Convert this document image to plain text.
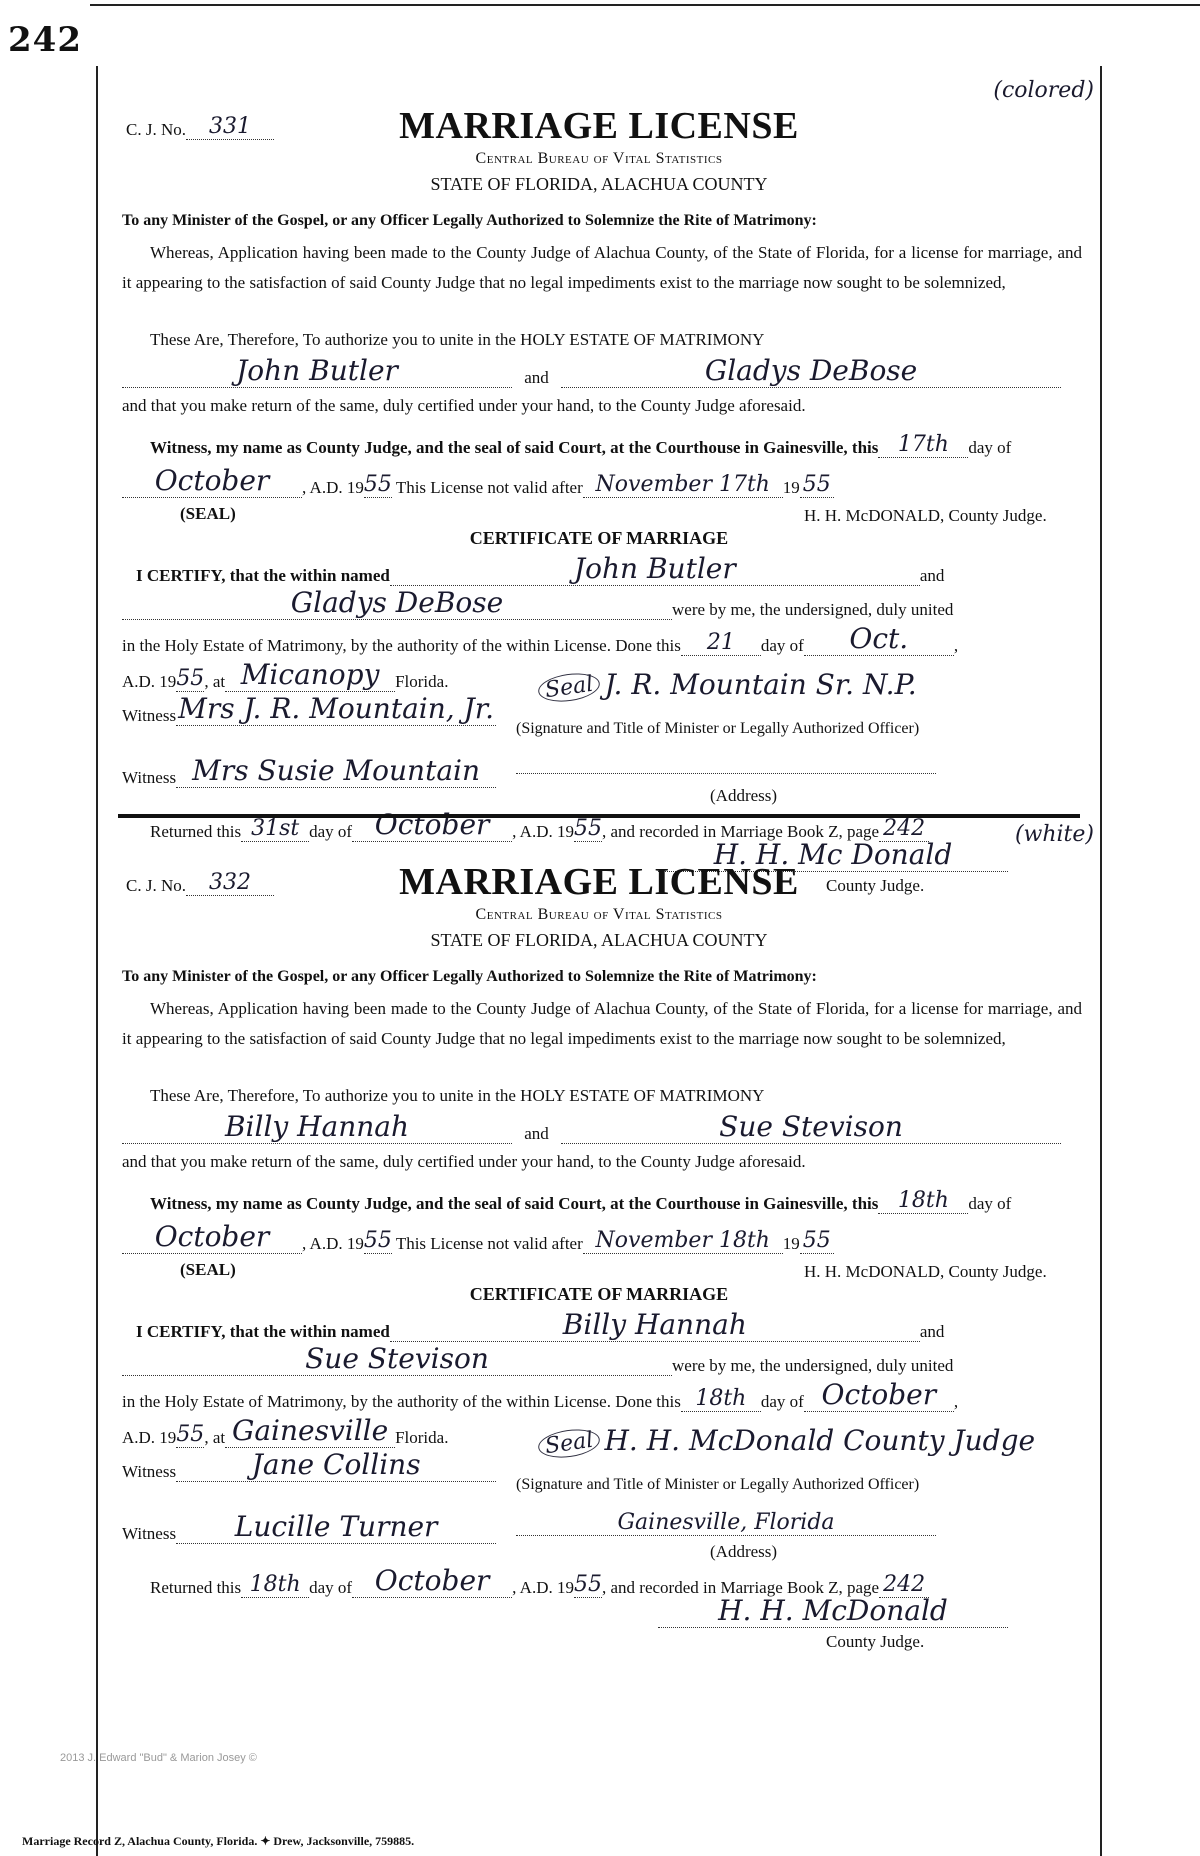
242
C. J. No. 331
(colored)
MARRIAGE LICENSE
Central Bureau of Vital Statistics
STATE OF FLORIDA, ALACHUA COUNTY
To any Minister of the Gospel, or any Officer Legally Authorized to Solemnize the Rite of Matrimony:
Whereas, Application having been made to the County Judge of Alachua County, of the State of Florida, for a license for marriage, and it appearing to the satisfaction of said County Judge that no legal impediments exist to the marriage now sought to be solemnized,
These Are, Therefore, To authorize you to unite in the HOLY ESTATE OF MATRIMONY
John Butler	and	Gladys DeBose
and that you make return of the same, duly certified under your hand, to the County Judge aforesaid.
Witness, my name as County Judge, and the seal of said Court, at the Courthouse in Gainesville, this 17th day of
October , A.D. 1955 This License not valid after November 17th 19 55
(SEAL)	H. H. McDONALD, County Judge.
CERTIFICATE OF MARRIAGE
I CERTIFY, that the within named	John Butler	and
Gladys DeBose	were by me, the undersigned, duly united
in the Holy Estate of Matrimony, by the authority of the within License. Done this 21 day of Oct.	,
A.D. 1955, at Micanopy Florida.
WitnessMrs J. R. Mountain, Jr.
Seal J. R. Mountain Sr. N.P.
(Signature and Title of Minister or Legally Authorized Officer)
Witness Mrs Susie Mountain
(Address)
Returned this 31st day of October , A.D. 1955, and recorded in Marriage Book Z, page 242
H. H. Mc Donald
County Judge.
C. J. No. 332
(white)
MARRIAGE LICENSE
Central Bureau of Vital Statistics
STATE OF FLORIDA, ALACHUA COUNTY
To any Minister of the Gospel, or any Officer Legally Authorized to Solemnize the Rite of Matrimony:
Whereas, Application having been made to the County Judge of Alachua County, of the State of Florida, for a license for marriage, and it appearing to the satisfaction of said County Judge that no legal impediments exist to the marriage now sought to be solemnized,
These Are, Therefore, To authorize you to unite in the HOLY ESTATE OF MATRIMONY
Billy Hannah	and	Sue Stevison
and that you make return of the same, duly certified under your hand, to the County Judge aforesaid.
Witness, my name as County Judge, and the seal of said Court, at the Courthouse in Gainesville, this 18th day of
October , A.D. 1955 This License not valid after November 18th 19 55
(SEAL)	H. H. McDONALD, County Judge.
CERTIFICATE OF MARRIAGE
I CERTIFY, that the within named	Billy Hannah	and
Sue Stevison	were by me, the undersigned, duly united
in the Holy Estate of Matrimony, by the authority of the within License. Done this 18th day of October ,
A.D. 1955, at Gainesville Florida.
Witness	Jane Collins
Seal H. H. McDonald County Judge
(Signature and Title of Minister or Legally Authorized Officer)
Witness Lucille Turner	Gainesville, Florida
(Address)
Returned this 18th day of October , A.D. 1955, and recorded in Marriage Book Z, page 242
H. H. McDonald
County Judge.
2013 J. Edward "Bud" & Marion Josey ©
Marriage Record Z, Alachua County, Florida. ✦ Drew, Jacksonville, 759885.
